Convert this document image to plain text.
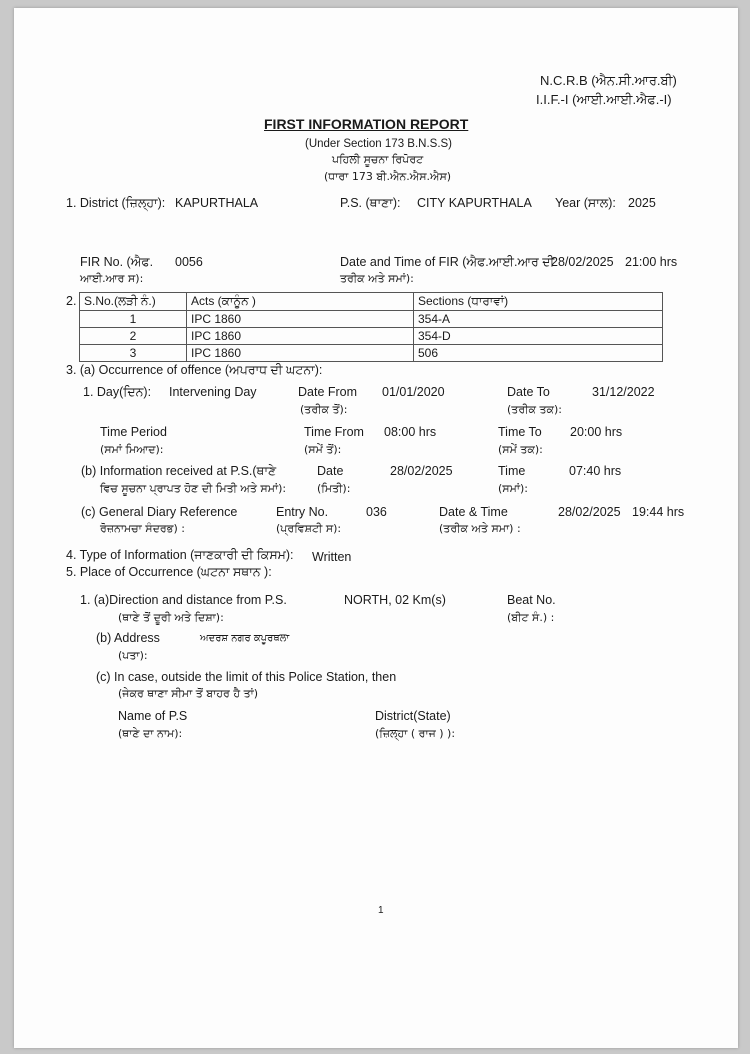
N.C.R.B (ਐਨ.ਸੀ.ਆਰ.ਬੀ)
I.I.F.-I (ਆਈ.ਆਈ.ਐਫ.-I)
FIRST INFORMATION REPORT
(Under Section 173 B.N.S.S)
ਪਹਿਲੀ ਸੂਚਨਾ ਰਿਪੋਰਟ
(ਧਾਰਾ 173 ਬੀ.ਐਨ.ਐਸ.ਐਸ)
1. District (ਜ਼ਿਲ੍ਹਾ): KAPURTHALA	P.S. (ਥਾਣਾ): CITY KAPURTHALA Year (ਸਾਲ): 2025
FIR No. (ਐਫ.
ਆਈ.ਆਰ ਸ):
0056	Date and Time of FIR (ਐਫ.ਆਈ.ਆਰ ਦੀ
ਤਰੀਕ ਅਤੇ ਸਮਾਂ):
28/02/2025 21:00 hrs
2. S.No.(ਲੜੀ ਨੰ.)	Acts (ਕਾਨੂੰਨ )	Sections (ਧਾਰਾਵਾਂ)
1	IPC 1860	354-A
2	IPC 1860	354-D
3	IPC 1860	506
3. (a) Occurrence of offence (ਅਪਰਾਧ ਦੀ ਘਟਨਾ):
1. Day(ਦਿਨ): Intervening Day	Date From
(ਤਰੀਕ ਤੋਂ):
01/01/2020	Date To
(ਤਰੀਕ ਤਕ):
31/12/2022
Time Period
(ਸਮਾਂ ਮਿਆਦ):
Time From
(ਸਮੇਂ ਤੋਂ):
08:00 hrs	Time To
(ਸਮੇਂ ਤਕ):
20:00 hrs
(b) Information received at P.S.(ਥਾਣੇ
ਵਿਚ ਸੂਚਨਾ ਪ੍ਰਾਪਤ ਹੋਣ ਦੀ ਮਿਤੀ ਅਤੇ ਸਮਾਂ):
Date
(ਮਿਤੀ):
28/02/2025	Time
(ਸਮਾਂ):
07:40 hrs
(c) General Diary Reference
ਰੋਜ਼ਨਾਮਚਾ ਸੰਦਰਭ) :
Entry No.
(ਪ੍ਰਵਿਸ਼ਟੀ ਸ):
036	Date & Time
(ਤਰੀਕ ਅਤੇ ਸਮਾ) :
28/02/2025 19:44 hrs
4. Type of Information (ਜਾਣਕਾਰੀ ਦੀ ਕਿਸਮ): Written
5. Place of Occurrence (ਘਟਨਾ ਸਥਾਨ ):
1. (a)Direction and distance from P.S.
(ਥਾਣੇ ਤੋਂ ਦੂਰੀ ਅਤੇ ਦਿਸ਼ਾ):
NORTH, 02 Km(s)	Beat No.
(ਬੀਟ ਸੰ.) :
(b) Address
(ਪਤਾ):
ਅਦਰਸ਼ ਨਗਰ ਕਪੂਰਥਲਾ
(c) In case, outside the limit of this Police Station, then
(ਜੇਕਰ ਥਾਣਾ ਸੀਮਾ ਤੋਂ ਬਾਹਰ ਹੈ ਤਾਂ)
Name of P.S
(ਥਾਣੇ ਦਾ ਨਾਮ):
District(State)
(ਜ਼ਿਲ੍ਹਾ ( ਰਾਜ ) ):
1
